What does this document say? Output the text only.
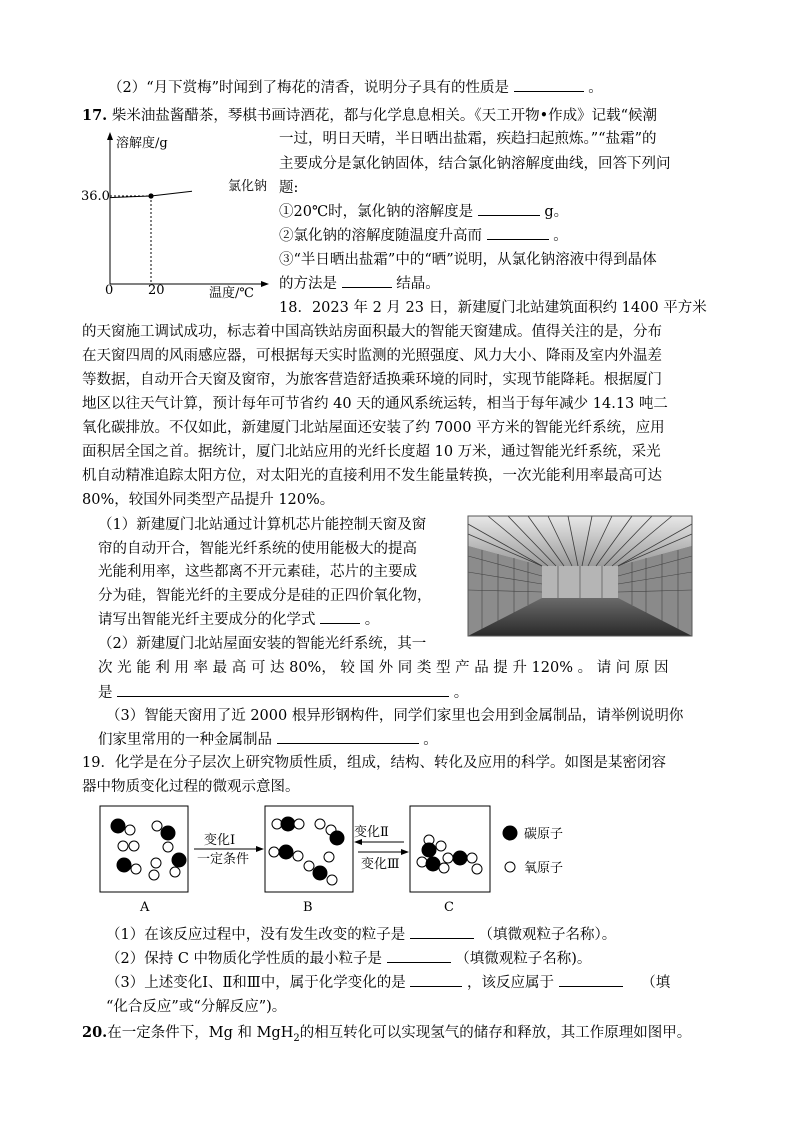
（2）“月下赏梅”时闻到了梅花的清香，说明分子具有的性质是	。
17. 柴米油盐酱醋茶，琴棋书画诗酒花，都与化学息息相关。《天工开物•作成》记载“候潮
一过，明日天晴，半日晒出盐霜，疾趋扫起煎炼。”“盐霜”的
主要成分是氯化钠固体，结合氯化钠溶解度曲线，回答下列问
题:
①20℃时，氯化钠的溶解度是	g。
②氯化钠的溶解度随温度升高而	。
③“半日晒出盐霜”中的“晒”说明，从氯化钠溶液中得到晶体
的方法是	结晶。
溶解度/g
温度/℃
36.0
0	20
氯化钠
18．2023 年 2 月 23 日，新建厦门北站建筑面积约 1400 平方米
的天窗施工调试成功，标志着中国高铁站房面积最大的智能天窗建成。值得关注的是，分布
在天窗四周的风雨感应器，可根据每天实时监测的光照强度、风力大小、降雨及室内外温差
等数据，自动开合天窗及窗帘，为旅客营造舒适换乘环境的同时，实现节能降耗。根据厦门
地区以往天气计算，预计每年可节省约 40 天的通风系统运转，相当于每年减少 14.13 吨二
氧化碳排放。不仅如此，新建厦门北站屋面还安装了约 7000 平方米的智能光纤系统，应用
面积居全国之首。据统计，厦门北站应用的光纤长度超 10 万米，通过智能光纤系统，采光
机自动精准追踪太阳方位，对太阳光的直接利用不发生能量转换，一次光能利用率最高可达
80%，较国外同类型产品提升 120%。
（1）新建厦门北站通过计算机芯片能控制天窗及窗
帘的自动开合，智能光纤系统的使用能极大的提高
光能利用率，这些都离不开元素硅，芯片的主要成
分为硅，智能光纤的主要成分是硅的正四价氧化物，
请写出智能光纤主要成分的化学式	。
（2）新建厦门北站屋面安装的智能光纤系统，其一
次 光 能 利 用 率 最 高 可 达 80%， 较 国 外 同 类 型 产 品 提 升 120% 。 请 问 原 因
是	。
（3）智能天窗用了近 2000 根异形钢构件，同学们家里也会用到金属制品，请举例说明你
们家里常用的一种金属制品	。
19．化学是在分子层次上研究物质性质，组成，结构、转化及应用的科学。如图是某密闭容
器中物质变化过程的微观示意图。
A
变化Ⅰ
一定条件
B
变化Ⅱ
变化Ⅲ
C
碳原子
氧原子
（1）在该反应过程中，没有发生改变的粒子是	（填微观粒子名称）。
（2）保持 C 中物质化学性质的最小粒子是	（填微观粒子名称)。
（3）上述变化Ⅰ、Ⅱ和Ⅲ中，属于化学变化的是	，该反应属于	（填
“化合反应”或“分解反应”)。
20.在一定条件下，Mg 和 MgH$_2$的相互转化可以实现氢气的储存和释放，其工作原理如图甲。
